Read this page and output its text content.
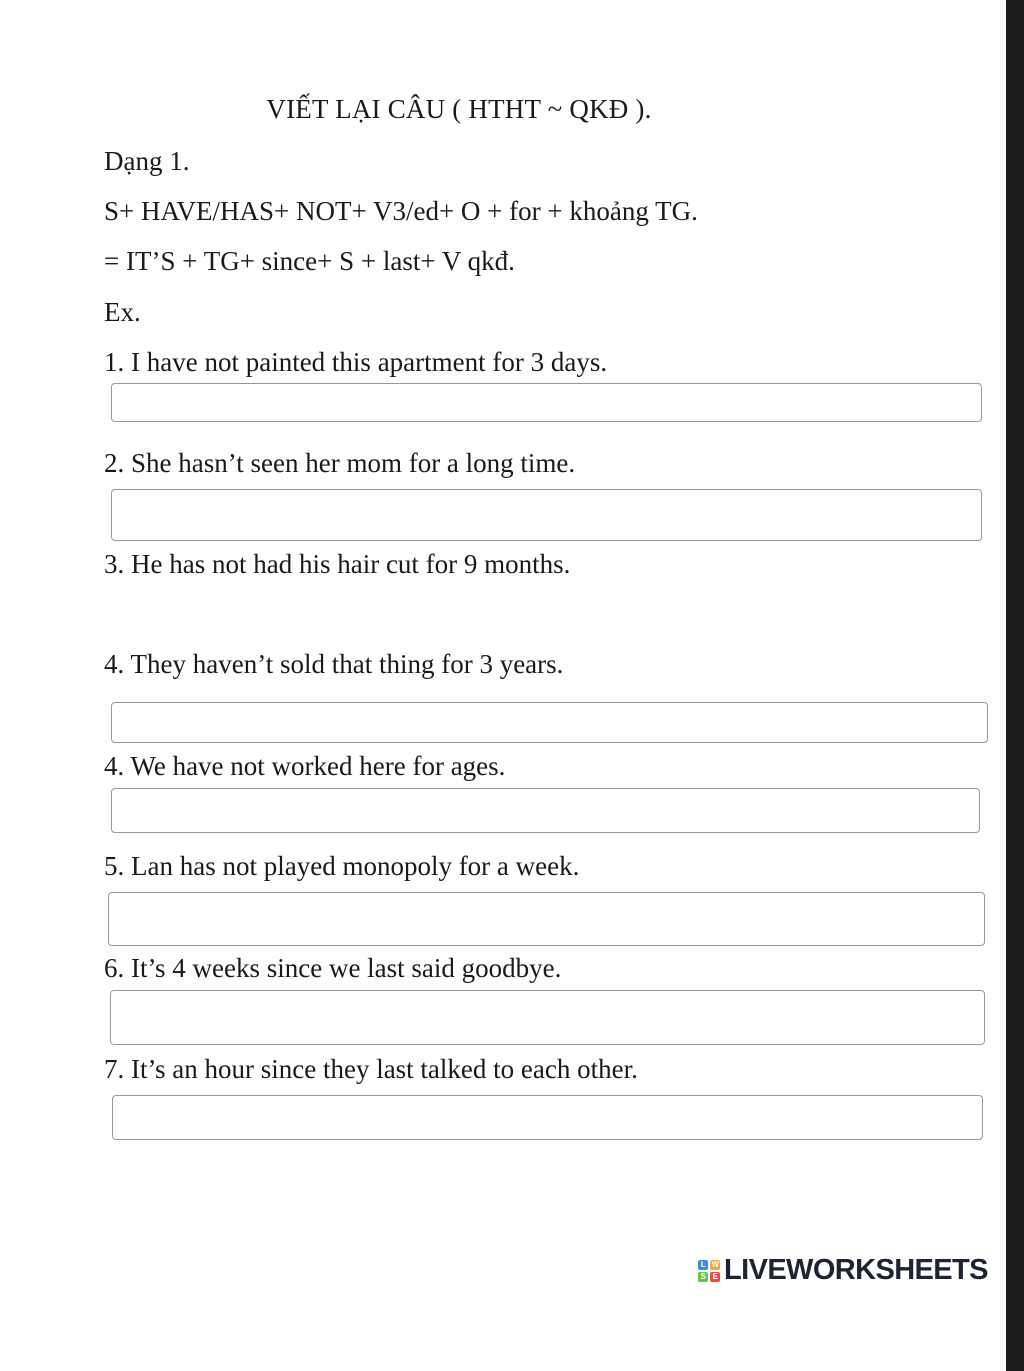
VIẾT LẠI CÂU ( HTHT ~ QKĐ ).
Dạng 1.
S+ HAVE/HAS+ NOT+ V3/ed+ O + for + khoảng TG.
= IT’S + TG+ since+ S + last+ V qkđ.
Ex.
1. I have not painted this apartment for 3 days.
2. She hasn’t seen her mom for a long time.
3. He has not had his hair cut for 9 months.
4. They haven’t sold that thing for 3 years.
4. We have not worked here for ages.
5. Lan has not played monopoly for a week.
6. It’s 4 weeks since we last said goodbye.
7. It’s an hour since they last talked to each other.
L W
S E LIVEWORKSHEETS
